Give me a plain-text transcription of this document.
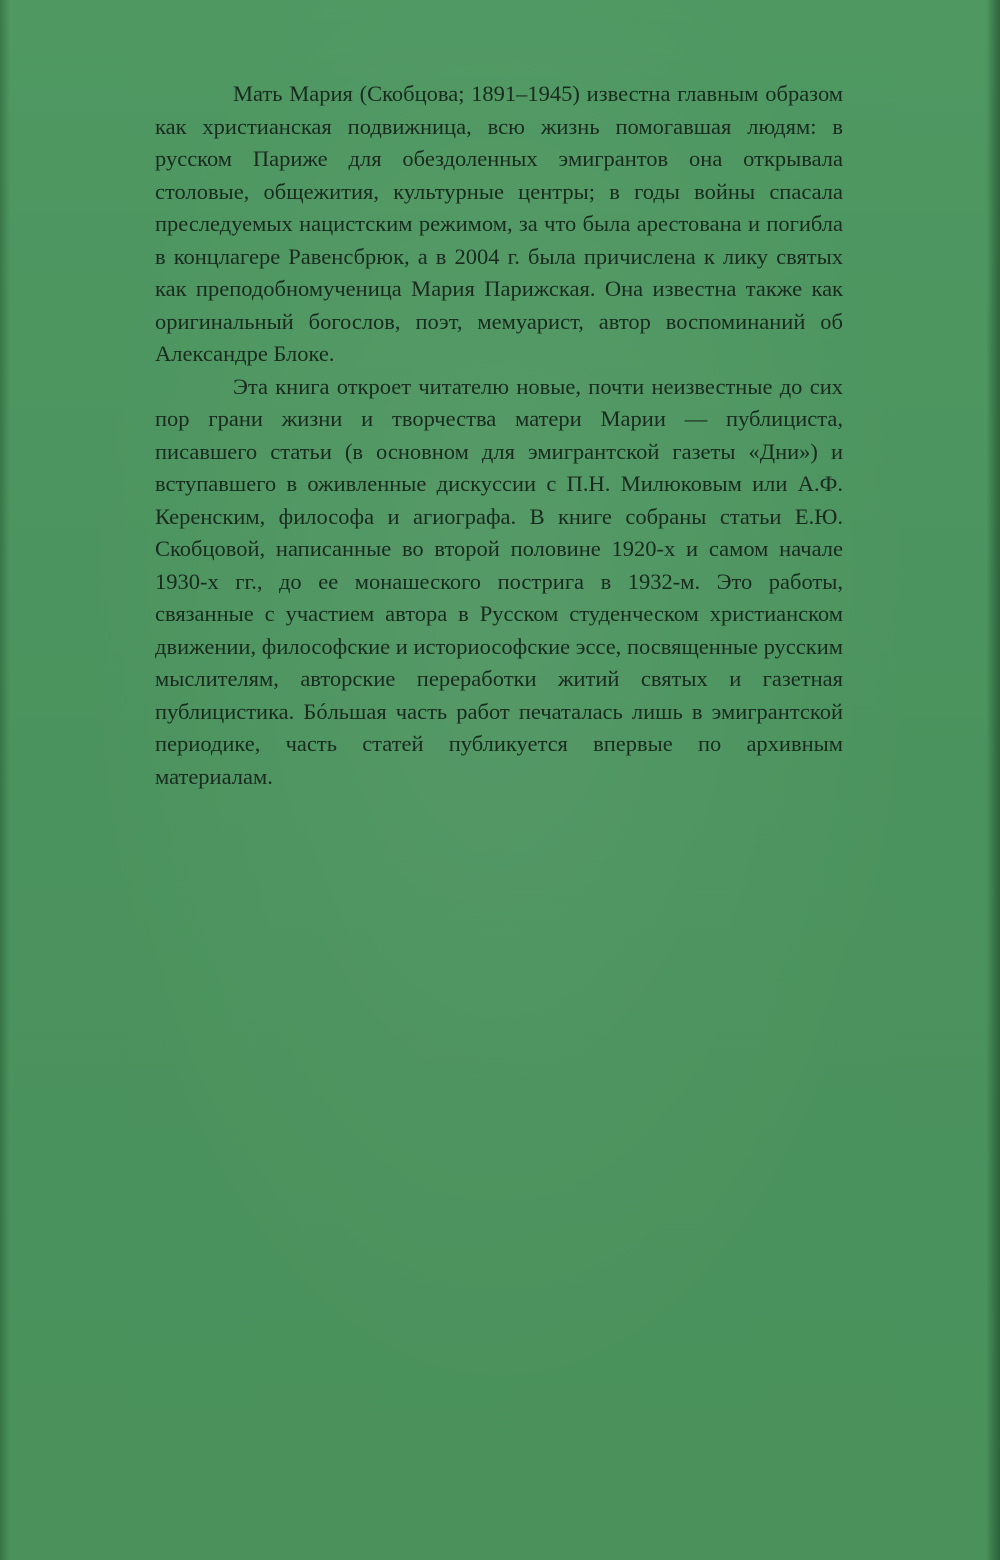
Мать Мария (Скобцова; 1891–1945) известна главным образом как христианская подвижница, всю жизнь помогавшая людям: в русском Париже для обездоленных эмигрантов она открывала столовые, общежития, культурные центры; в годы войны спасала преследуемых нацистским режимом, за что была арестована и погибла в концлагере Равенсбрюк, а в 2004 г. была причислена к лику святых как преподобномученица Мария Парижская. Она известна также как оригинальный богослов, поэт, мемуарист, автор воспоминаний об Александре Блоке.

Эта книга откроет читателю новые, почти неизвестные до сих пор грани жизни и творчества матери Марии — публициста, писавшего статьи (в основном для эмигрантской газеты «Дни») и вступавшего в оживленные дискуссии с П.Н. Милюковым или А.Ф. Керенским, философа и агиографа. В книге собраны статьи Е.Ю. Скобцовой, написанные во второй половине 1920-х и самом начале 1930-х гг., до ее монашеского пострига в 1932-м. Это работы, связанные с участием автора в Русском студенческом христианском движении, философские и историософские эссе, посвященные русским мыслителям, авторские переработки житий святых и газетная публицистика. Бóльшая часть работ печаталась лишь в эмигрантской периодике, часть статей публикуется впервые по архивным материалам.
